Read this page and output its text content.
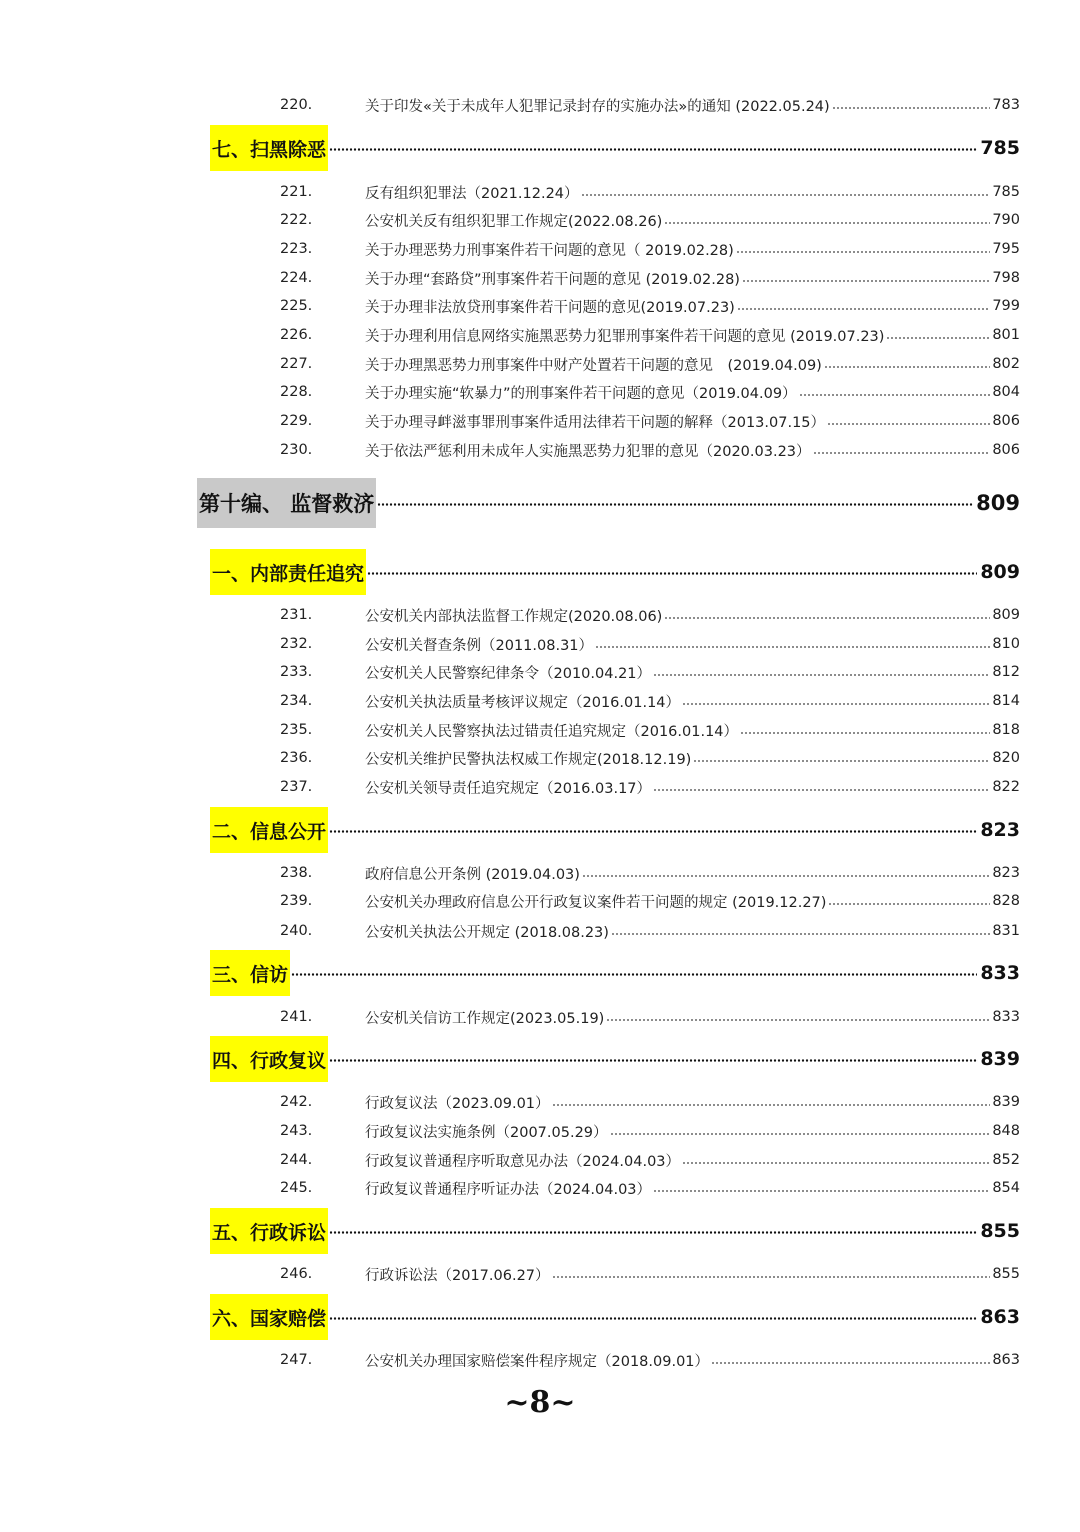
220.	关于印发«关于未成年人犯罪记录封存的实施办法»的通知 (2022.05.24)	783
七、扫黑除恶	785
221.	反有组织犯罪法（2021.12.24）	785
222.	公安机关反有组织犯罪工作规定(2022.08.26)	790
223.	关于办理恶势力刑事案件若干问题的意见（ 2019.02.28)	795
224.	关于办理“套路贷”刑事案件若干问题的意见 (2019.02.28)	798
225.	关于办理非法放贷刑事案件若干问题的意见(2019.07.23)	799
226.	关于办理利用信息网络实施黑恶势力犯罪刑事案件若干问题的意见 (2019.07.23)	801
227.	关于办理黑恶势力刑事案件中财产处置若干问题的意见　(2019.04.09)	802
228.	关于办理实施“软暴力”的刑事案件若干问题的意见（2019.04.09）	804
229.	关于办理寻衅滋事罪刑事案件适用法律若干问题的解释（2013.07.15）	806
230.	关于依法严惩利用未成年人实施黑恶势力犯罪的意见（2020.03.23）	806
第十编、 监督救济	809
一、内部责任追究	809
231.	公安机关内部执法监督工作规定(2020.08.06)	809
232.	公安机关督查条例（2011.08.31）	810
233.	公安机关人民警察纪律条令（2010.04.21）	812
234.	公安机关执法质量考核评议规定（2016.01.14）	814
235.	公安机关人民警察执法过错责任追究规定（2016.01.14）	818
236.	公安机关维护民警执法权威工作规定(2018.12.19)	820
237.	公安机关领导责任追究规定（2016.03.17）	822
二、信息公开	823
238.	政府信息公开条例 (2019.04.03)	823
239.	公安机关办理政府信息公开行政复议案件若干问题的规定 (2019.12.27)	828
240.	公安机关执法公开规定 (2018.08.23)	831
三、信访	833
241.	公安机关信访工作规定(2023.05.19)	833
四、行政复议	839
242.	行政复议法（2023.09.01）	839
243.	行政复议法实施条例（2007.05.29）	848
244.	行政复议普通程序听取意见办法（2024.04.03）	852
245.	行政复议普通程序听证办法（2024.04.03）	854
五、行政诉讼	855
246.	行政诉讼法（2017.06.27）	855
六、国家赔偿	863
247.	公安机关办理国家赔偿案件程序规定（2018.09.01）	863
~8~
